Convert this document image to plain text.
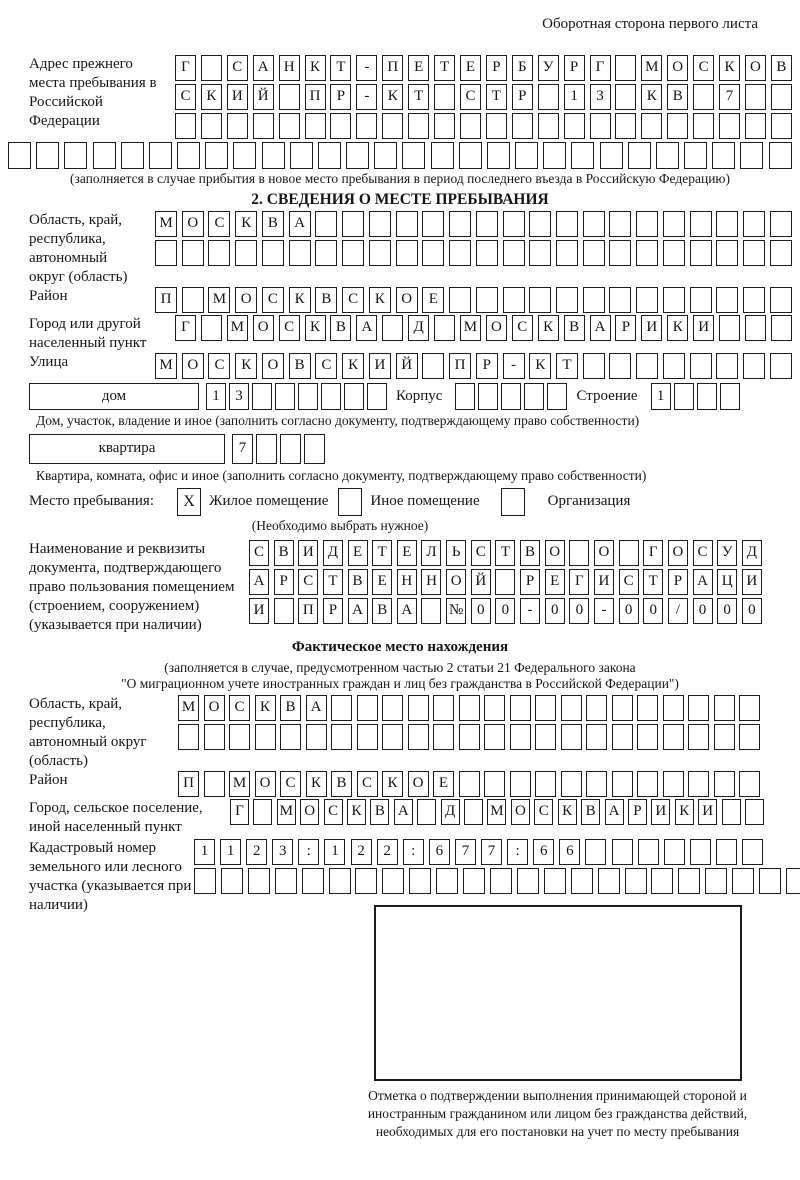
Оборотная сторона первого листа
Адрес прежнего места пребывания в Российской Федерации
Г	С	А	Н	К	Т	-	П	Е	Т	Е	Р	Б	У	Р	Г	М О	С	К	О	В
С	К	И	Й	П	Р	-	К	Т	С	Т	Р	1	3	К	В	7
(заполняется в случае прибытия в новое место пребывания в период последнего въезда в Российскую Федерацию)
2. СВЕДЕНИЯ О МЕСТЕ ПРЕБЫВАНИЯ
Область, край, республика, автономный округ (область)
М О	С	К	В	А
Район	П	М О	С	К	В	С	К	О	Е
Город или другой населенный пункт
Г	М О	С	К	В	А	Д	М О	С	К	В	А	Р	И	К	И
Улица	М О	С	К	О	В	С	К	И	Й	П	Р	-	К	Т
дом	1	3	Корпус	Строение	1
Дом, участок, владение и иное (заполнить согласно документу, подтверждающему право собственности)
квартира	7
Квартира, комната, офис и иное (заполнить согласно документу, подтверждающему право собственности)
Место пребывания:	X Жилое помещение	Иное помещение	Организация
(Необходимо выбрать нужное)
Наименование и реквизиты документа, подтверждающего право пользования помещением (строением, сооружением) (указывается при наличии)
С В И Д Е	Т	Е Л	Ь	С	Т	В О	О	Г О С У Д
А	Р	С	Т	В	Е Н Н О Й	Р	Е	Г И С	Т	Р	А Ц И
И	П	Р	А В А	№ 0	0	-	0	0	-	0	0	/	0	0	0
Фактическое место нахождения
(заполняется в случае, предусмотренном частью 2 статьи 21 Федерального закона
"О миграционном учете иностранных граждан и лиц без гражданства в Российской Федерации")
Область, край, республика, автономный округ (область)
М О	С	К	В	А
Район	П	М О	С	К	В	С	К	О	Е
Город, сельское поселение, иной населенный пункт
Г	М О С К В А Д М О С К В А Р И К И
Кадастровый номер земельного или лесного участка (указывается при наличии)
1	1	2	3	:	1	2	2	:	6	7	7	:	6	6
Отметка о подтверждении выполнения принимающей стороной и иностранным гражданином или лицом без гражданства действий, необходимых для его постановки на учет по месту пребывания
